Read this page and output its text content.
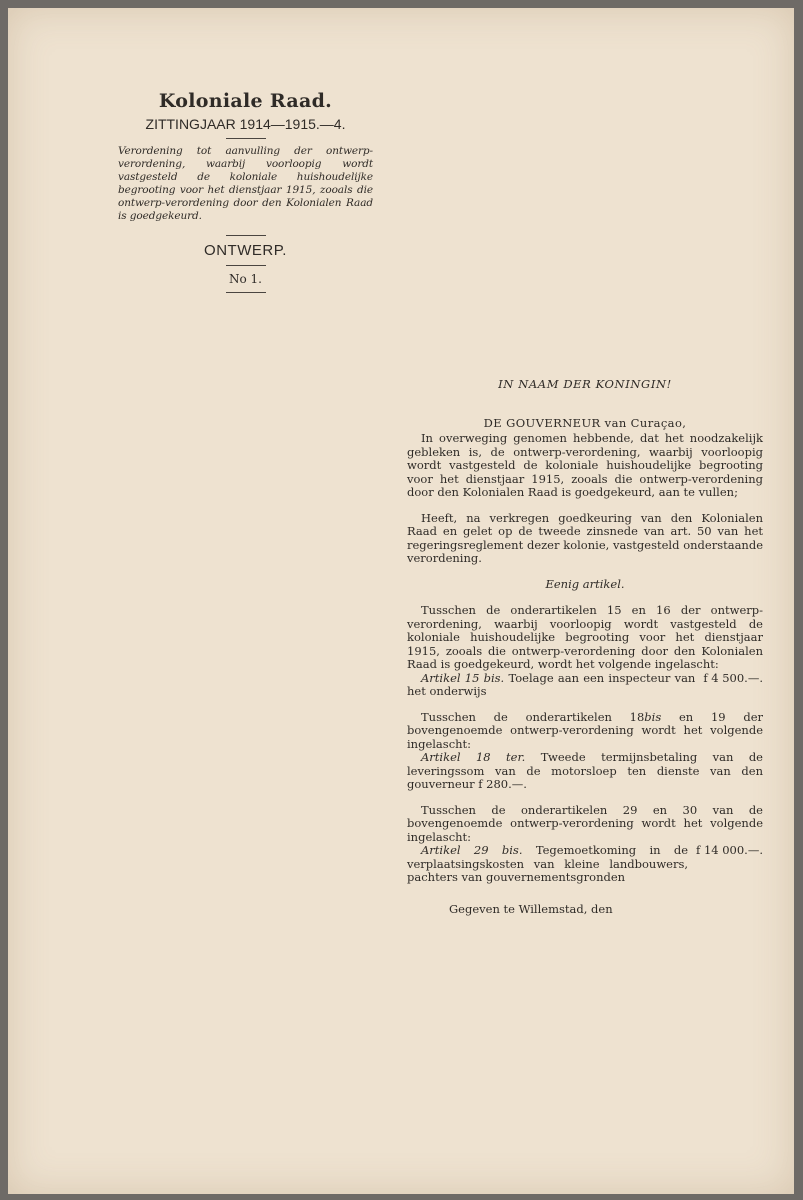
Koloniale Raad.
ZITTINGJAAR 1914—1915.—4.
Verordening tot aanvulling der ontwerp-verordening, waarbij voorloopig wordt vastgesteld de koloniale huishoudelijke begrooting voor het dienstjaar 1915, zooals die ontwerp-verordening door den Kolonialen Raad is goedgekeurd.
ONTWERP.
No 1.
IN NAAM DER KONINGIN!
DE GOUVERNEUR van Curaçao,

In overweging genomen hebbende, dat het noodzakelijk gebleken is, de ontwerp-verordening, waarbij voorloopig wordt vastgesteld de koloniale huishoudelijke begrooting voor het dienstjaar 1915, zooals die ontwerp-verordening door den Kolonialen Raad is goedgekeurd, aan te vullen;

Heeft, na verkregen goedkeuring van den Kolonialen Raad en gelet op de tweede zinsnede van art. 50 van het regeringsreglement dezer kolonie, vastgesteld onderstaande verordening.

Eenig artikel.

Tusschen de onderartikelen 15 en 16 der ontwerp-verordening, waarbij voorloopig wordt vastgesteld de koloniale huishoudelijke begrooting voor het dienstjaar 1915, zooals die ontwerp-verordening door den Kolonialen Raad is goedgekeurd, wordt het volgende ingelascht:

Artikel 15 bis. Toelage aan een inspecteur van het onderwijs
f 4 500.—.

Tusschen de onderartikelen 18bis en 19 der bovengenoemde ontwerp-verordening wordt het volgende ingelascht:

Artikel 18 ter. Tweede termijnsbetaling van de leveringssom van de motorsloep ten dienste van den gouverneur f 280.—.

Tusschen de onderartikelen 29 en 30 van de bovengenoemde ontwerp-verordening wordt het volgende ingelascht:

Artikel 29 bis. Tegemoetkoming in de verplaatsingskosten van kleine landbouwers, pachters van gouvernementsgronden
f 14 000.—.

Gegeven te Willemstad, den
